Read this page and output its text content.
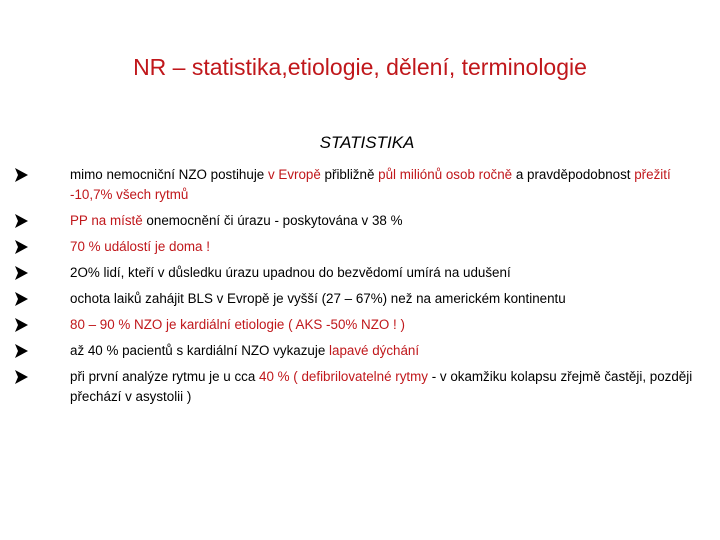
NR – statistika,etiologie, dělení, terminologie
STATISTIKA
mimo nemocniční NZO postihuje v Evropě přibližně půl miliónů osob ročně a pravděpodobnost přežití -10,7% všech rytmů
PP na místě onemocnění či úrazu - poskytována v 38 %
70 % událostí je doma !
2O% lidí, kteří v důsledku úrazu upadnou do bezvědomí umírá na udušení
ochota laiků zahájit BLS v Evropě je vyšší (27 – 67%) než na americkém kontinentu
80 – 90 % NZO je kardiální etiologie ( AKS -50% NZO ! )
až 40 % pacientů s kardiální NZO vykazuje lapavé dýchání
při první analýze rytmu je u cca 40 % ( defibrilovatelné rytmy - v okamžiku kolapsu zřejmě častěji, později přechází v asystolii )
